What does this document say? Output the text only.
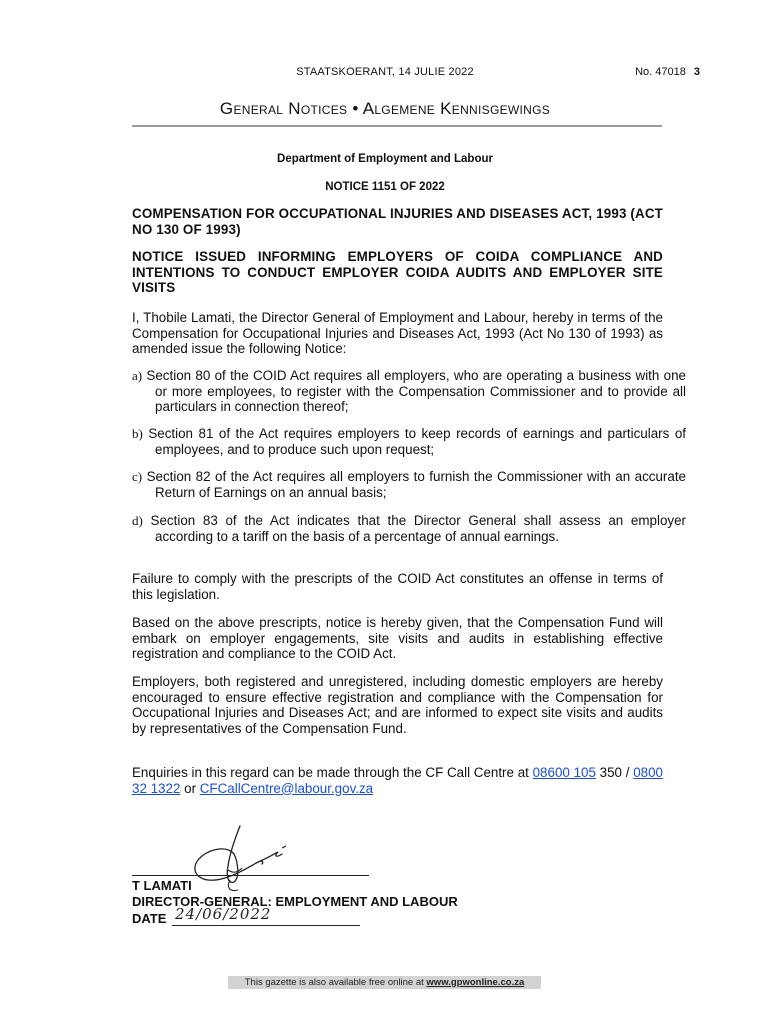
STAATSKOERANT, 14 JULIE 2022	No. 47018 3
General Notices • Algemene Kennisgewings
Department of Employment and Labour
NOTICE 1151 OF 2022
COMPENSATION FOR OCCUPATIONAL INJURIES AND DISEASES ACT, 1993 (ACT NO 130 OF 1993)
NOTICE ISSUED INFORMING EMPLOYERS OF COIDA COMPLIANCE AND INTENTIONS TO CONDUCT EMPLOYER COIDA AUDITS AND EMPLOYER SITE VISITS
I, Thobile Lamati, the Director General of Employment and Labour, hereby in terms of the Compensation for Occupational Injuries and Diseases Act, 1993 (Act No 130 of 1993) as amended issue the following Notice:
a) Section 80 of the COID Act requires all employers, who are operating a business with one or more employees, to register with the Compensation Commissioner and to provide all particulars in connection thereof;
b) Section 81 of the Act requires employers to keep records of earnings and particulars of employees, and to produce such upon request;
c) Section 82 of the Act requires all employers to furnish the Commissioner with an accurate Return of Earnings on an annual basis;
d) Section 83 of the Act indicates that the Director General shall assess an employer according to a tariff on the basis of a percentage of annual earnings.
Failure to comply with the prescripts of the COID Act constitutes an offense in terms of this legislation.
Based on the above prescripts, notice is hereby given, that the Compensation Fund will embark on employer engagements, site visits and audits in establishing effective registration and compliance to the COID Act.
Employers, both registered and unregistered, including domestic employers are hereby encouraged to ensure effective registration and compliance with the Compensation for Occupational Injuries and Diseases Act; and are informed to expect site visits and audits by representatives of the Compensation Fund.
Enquiries in this regard can be made through the CF Call Centre at 08600 105 350 / 0800 32 1322 or CFCallCentre@labour.gov.za
T LAMATI
DIRECTOR-GENERAL: EMPLOYMENT AND LABOUR
DATE 24/06/2022
This gazette is also available free online at www.gpwonline.co.za
